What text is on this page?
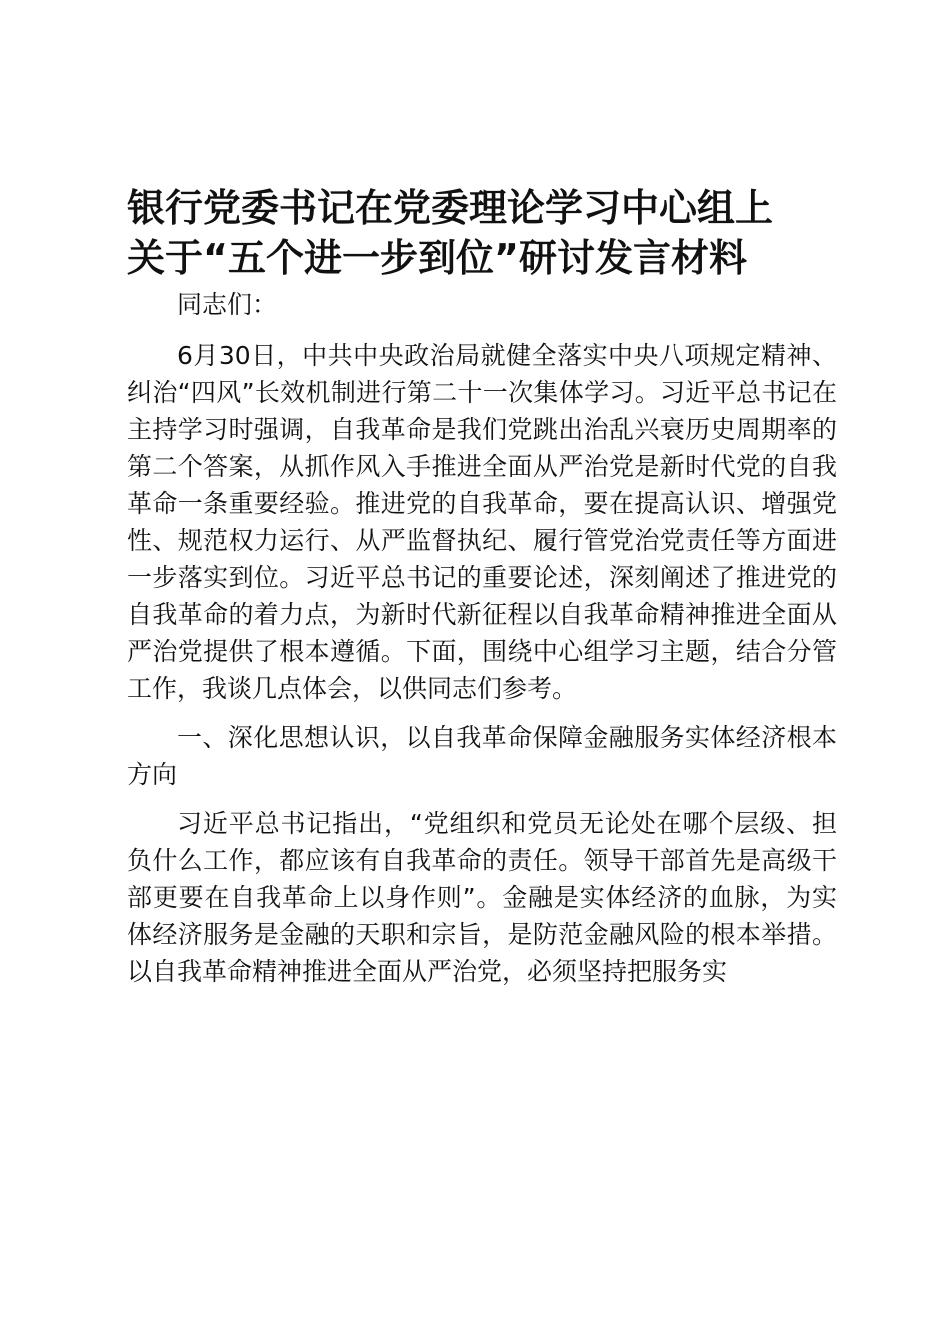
银行党委书记在党委理论学习中心组上
关于“五个进一步到位”研讨发言材料

同志们：

6月30日，中共中央政治局就健全落实中央八项规定精神、纠治“四风”长效机制进行第二十一次集体学习。习近平总书记在主持学习时强调，自我革命是我们党跳出治乱兴衰历史周期率的第二个答案，从抓作风入手推进全面从严治党是新时代党的自我革命一条重要经验。推进党的自我革命，要在提高认识、增强党性、规范权力运行、从严监督执纪、履行管党治党责任等方面进一步落实到位。习近平总书记的重要论述，深刻阐述了推进党的自我革命的着力点，为新时代新征程以自我革命精神推进全面从严治党提供了根本遵循。下面，围绕中心组学习主题，结合分管工作，我谈几点体会，以供同志们参考。

一、深化思想认识，以自我革命保障金融服务实体经济根本方向

习近平总书记指出，“党组织和党员无论处在哪个层级、担负什么工作，都应该有自我革命的责任。领导干部首先是高级干部更要在自我革命上以身作则”。金融是实体经济的血脉，为实体经济服务是金融的天职和宗旨，是防范金融风险的根本举措。以自我革命精神推进全面从严治党，必须坚持把服务实
